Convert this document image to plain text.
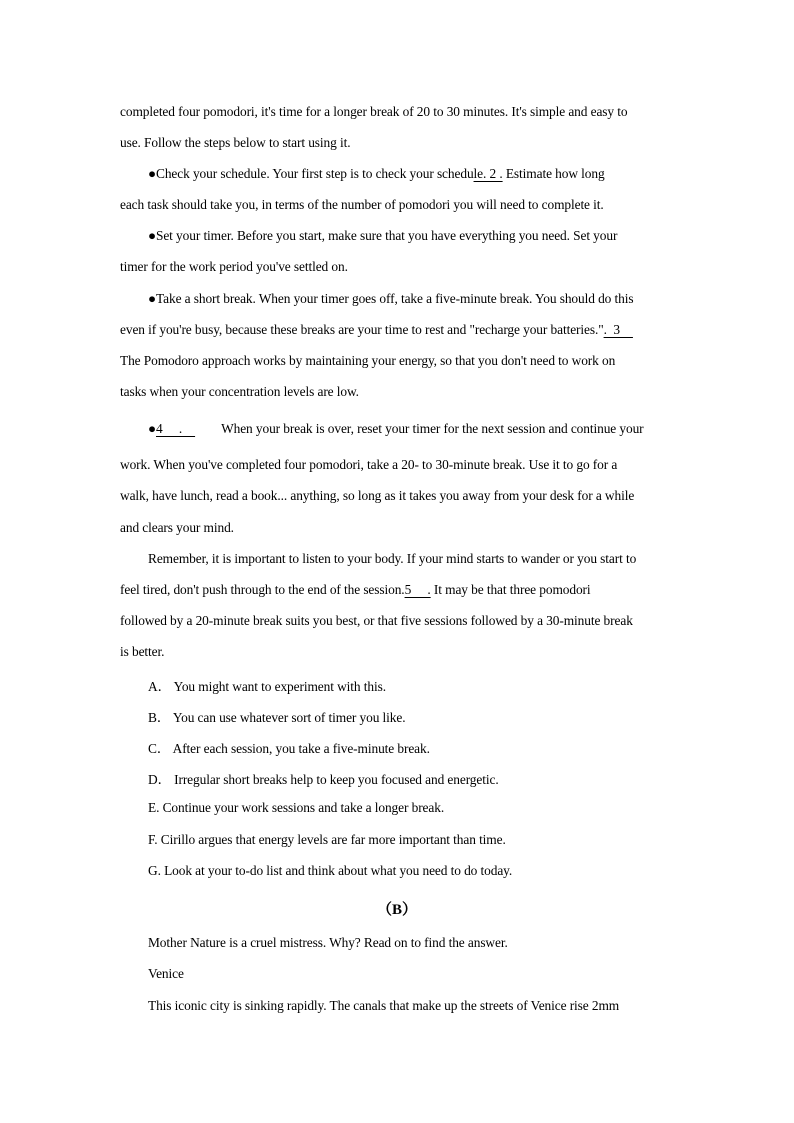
completed four pomodori, it's time for a longer break of 20 to 30 minutes. It's simple and easy to
use. Follow the steps below to start using it.
●Check your schedule. Your first step is to check your schedule. 2 . Estimate how long
each task should take you, in terms of the number of pomodori you will need to complete it.
●Set your timer. Before you start, make sure that you have everything you need. Set your
timer for the work period you've settled on.
●Take a short break. When your timer goes off, take a five-minute break. You should do this
even if you're busy, because these breaks are your time to rest and "recharge your batteries.".  3
The Pomodoro approach works by maintaining your energy, so that you don't need to work on
tasks when your concentration levels are low.
●4     .    When your break is over, reset your timer for the next session and continue your
work. When you've completed four pomodori, take a 20- to 30-minute break. Use it to go for a
walk, have lunch, read a book... anything, so long as it takes you away from your desk for a while
and clears your mind.
Remember, it is important to listen to your body. If your mind starts to wander or you start to
feel tired, don't push through to the end of the session.5     . It may be that three pomodori
followed by a 20-minute break suits you best, or that five sessions followed by a 30-minute break
is better.
A． You might want to experiment with this.
B． You can use whatever sort of timer you like.
C． After each session, you take a five-minute break.
D． Irregular short breaks help to keep you focused and energetic.
E. Continue your work sessions and take a longer break.
F. Cirillo argues that energy levels are far more important than time.
G. Look at your to-do list and think about what you need to do today.
（B）
Mother Nature is a cruel mistress. Why? Read on to find the answer.
Venice
This iconic city is sinking rapidly. The canals that make up the streets of Venice rise 2mm
